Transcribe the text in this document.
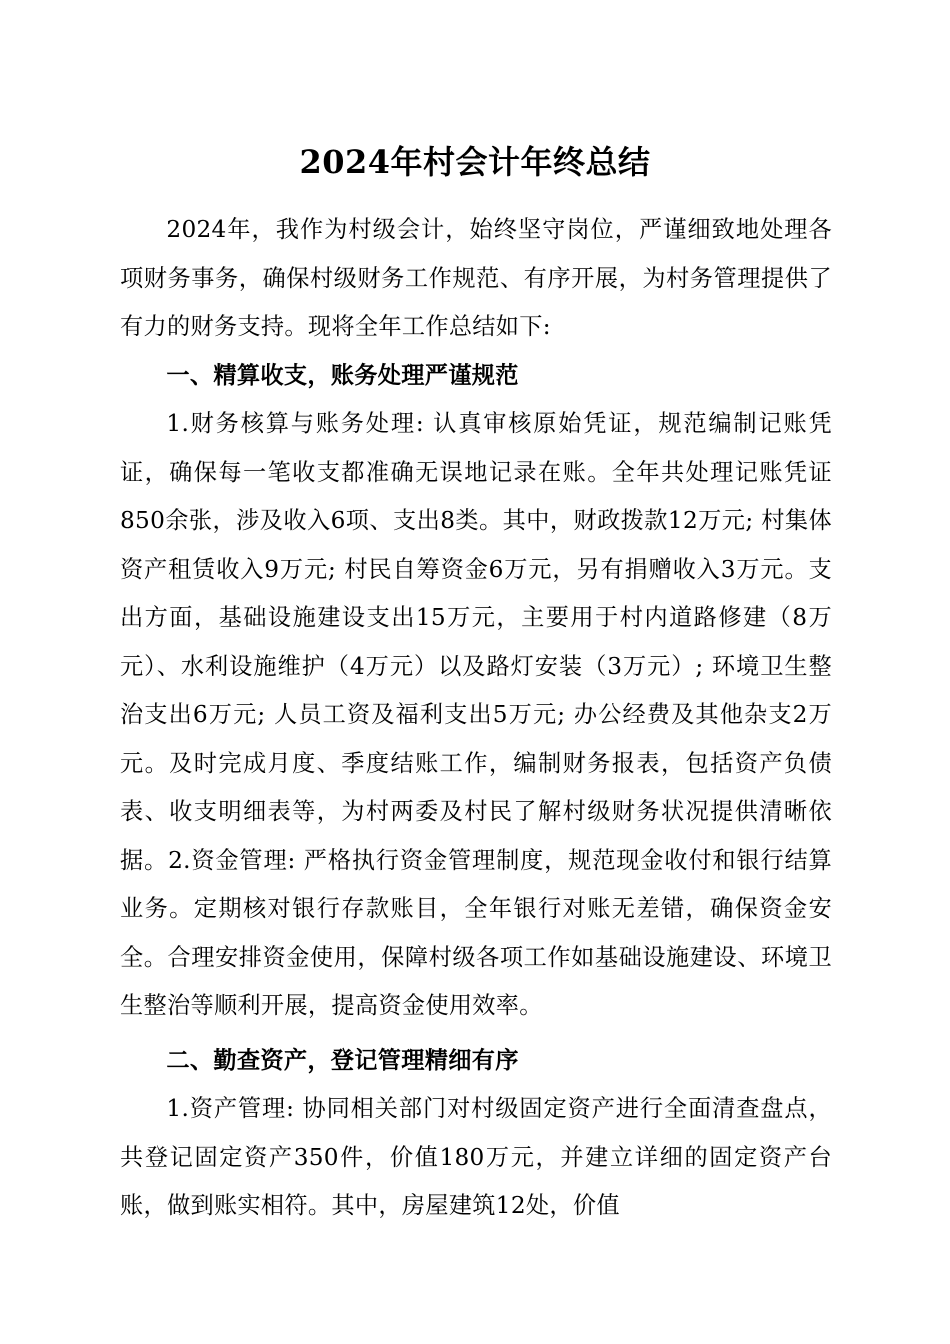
2024年村会计年终总结

2024年，我作为村级会计，始终坚守岗位，严谨细致地处理各项财务事务，确保村级财务工作规范、有序开展，为村务管理提供了有力的财务支持。现将全年工作总结如下:

一、精算收支，账务处理严谨规范

1.财务核算与账务处理: 认真审核原始凭证，规范编制记账凭证，确保每一笔收支都准确无误地记录在账。全年共处理记账凭证850余张，涉及收入6项、支出8类。其中，财政拨款12万元; 村集体资产租赁收入9万元; 村民自筹资金6万元，另有捐赠收入3万元。支出方面，基础设施建设支出15万元，主要用于村内道路修建（8万元）、水利设施维护（4万元）以及路灯安装（3万元）; 环境卫生整治支出6万元; 人员工资及福利支出5万元; 办公经费及其他杂支2万元。及时完成月度、季度结账工作，编制财务报表，包括资产负债表、收支明细表等，为村两委及村民了解村级财务状况提供清晰依据。2.资金管理: 严格执行资金管理制度，规范现金收付和银行结算业务。定期核对银行存款账目，全年银行对账无差错，确保资金安全。合理安排资金使用，保障村级各项工作如基础设施建设、环境卫生整治等顺利开展，提高资金使用效率。

二、勤查资产，登记管理精细有序

1.资产管理: 协同相关部门对村级固定资产进行全面清查盘点，共登记固定资产350件，价值180万元，并建立详细的固定资产台账，做到账实相符。其中，房屋建筑12处，价值
